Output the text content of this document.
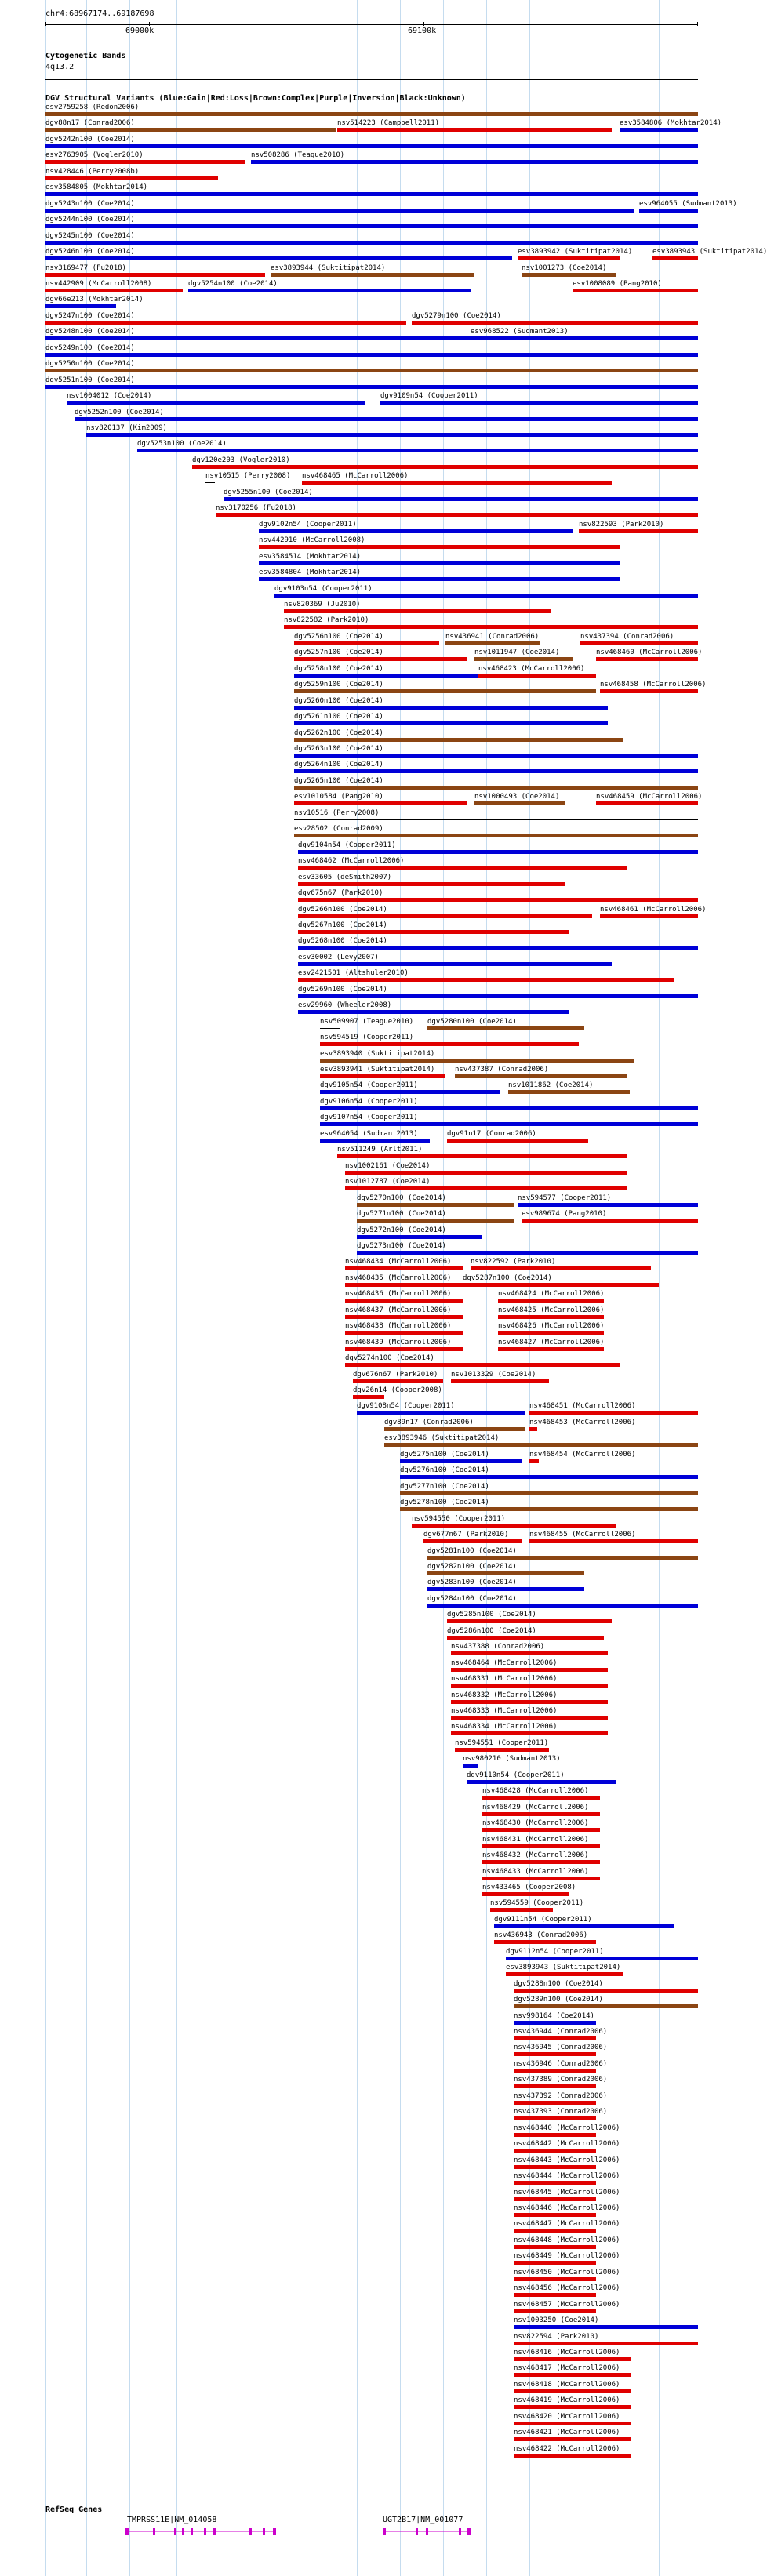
chr4:68967174..69187698
69000k	69100k
Cytogenetic Bands
4q13.2
DGV Structural Variants (Blue:Gain|Red:Loss|Brown:Complex|Purple|Inversion|Black:Unknown)
esv2759258 (Redon2006)
dgv88n17 (Conrad2006)	nsv514223 (Campbell2011)	esv3584806 (Mokhtar2014)
dgv5242n100 (Coe2014)
esv2763905 (Vogler2010)	nsv508286 (Teague2010)
nsv428446 (Perry2008b)
esv3584805 (Mokhtar2014)
dgv5243n100 (Coe2014)	esv964055 (Sudmant2013)
dgv5244n100 (Coe2014)
dgv5245n100 (Coe2014)
dgv5246n100 (Coe2014)	esv3893942 (Suktitipat2014)	esv3893943 (Suktitipat2014)
nsv3169477 (Fu2018)	esv3893944 (Suktitipat2014)	nsv1001273 (Coe2014)
nsv442909 (McCarroll2008)	dgv5254n100 (Coe2014)	esv1008089 (Pang2010)
dgv66e213 (Mokhtar2014)
dgv5247n100 (Coe2014)	dgv5279n100 (Coe2014)
dgv5248n100 (Coe2014)	esv968522 (Sudmant2013)
dgv5249n100 (Coe2014)
dgv5250n100 (Coe2014)
dgv5251n100 (Coe2014)
nsv1004012 (Coe2014)	dgv9109n54 (Cooper2011)
dgv5252n100 (Coe2014)
nsv820137 (Kim2009)
dgv5253n100 (Coe2014)
dgv120e203 (Vogler2010)
nsv10515 (Perry2008) nsv468465 (McCarroll2006)
dgv5255n100 (Coe2014)
nsv3170256 (Fu2018)
dgv9102n54 (Cooper2011)	nsv822593 (Park2010)
nsv442910 (McCarroll2008)
esv3584514 (Mokhtar2014)
esv3584804 (Mokhtar2014)
dgv9103n54 (Cooper2011)
nsv820369 (Ju2010)
nsv822582 (Park2010)
dgv5256n100 (Coe2014)	nsv436941 (Conrad2006)	nsv437394 (Conrad2006)
dgv5257n100 (Coe2014)	nsv1011947 (Coe2014)	nsv468460 (McCarroll2006)
dgv5258n100 (Coe2014)	nsv468423 (McCarroll2006)
dgv5259n100 (Coe2014)	nsv468458 (McCarroll2006)
dgv5260n100 (Coe2014)
dgv5261n100 (Coe2014)
dgv5262n100 (Coe2014)
dgv5263n100 (Coe2014)
dgv5264n100 (Coe2014)
dgv5265n100 (Coe2014)
esv1010584 (Pang2010)	nsv1000493 (Coe2014)	nsv468459 (McCarroll2006)
nsv10516 (Perry2008)
esv28502 (Conrad2009)
dgv9104n54 (Cooper2011)
nsv468462 (McCarroll2006)
esv33605 (deSmith2007)
dgv675n67 (Park2010)
dgv5266n100 (Coe2014)	nsv468461 (McCarroll2006)
dgv5267n100 (Coe2014)
dgv5268n100 (Coe2014)
esv30002 (Levy2007)
esv2421501 (Altshuler2010)
dgv5269n100 (Coe2014)
esv29960 (Wheeler2008)
nsv509907 (Teague2010) dgv5280n100 (Coe2014)
nsv594519 (Cooper2011)
esv3893940 (Suktitipat2014)
esv3893941 (Suktitipat2014)	nsv437387 (Conrad2006)
dgv9105n54 (Cooper2011)	nsv1011862 (Coe2014)
dgv9106n54 (Cooper2011)
dgv9107n54 (Cooper2011)
esv964054 (Sudmant2013)	dgv91n17 (Conrad2006)
nsv511249 (Arlt2011)
nsv1002161 (Coe2014)
nsv1012787 (Coe2014)
dgv5270n100 (Coe2014)	nsv594577 (Cooper2011)
dgv5271n100 (Coe2014)	esv989674 (Pang2010)
dgv5272n100 (Coe2014)
dgv5273n100 (Coe2014)
nsv468434 (McCarroll2006)	nsv822592 (Park2010)
nsv468435 (McCarroll2006) dgv5287n100 (Coe2014)
nsv468436 (McCarroll2006)	nsv468424 (McCarroll2006)
nsv468437 (McCarroll2006)	nsv468425 (McCarroll2006)
nsv468438 (McCarroll2006)	nsv468426 (McCarroll2006)
nsv468439 (McCarroll2006)	nsv468427 (McCarroll2006)
dgv5274n100 (Coe2014)
dgv676n67 (Park2010) nsv1013329 (Coe2014)
dgv26n14 (Cooper2008)
dgv9108n54 (Cooper2011)	nsv468451 (McCarroll2006)
dgv89n17 (Conrad2006)	nsv468453 (McCarroll2006)
esv3893946 (Suktitipat2014)
dgv5275n100 (Coe2014)	nsv468454 (McCarroll2006)
dgv5276n100 (Coe2014)
dgv5277n100 (Coe2014)
dgv5278n100 (Coe2014)
nsv594550 (Cooper2011)
dgv677n67 (Park2010)	nsv468455 (McCarroll2006)
dgv5281n100 (Coe2014)
dgv5282n100 (Coe2014)
dgv5283n100 (Coe2014)
dgv5284n100 (Coe2014)
dgv5285n100 (Coe2014)
dgv5286n100 (Coe2014)
nsv437388 (Conrad2006)
nsv468464 (McCarroll2006)
nsv468331 (McCarroll2006)
nsv468332 (McCarroll2006)
nsv468333 (McCarroll2006)
nsv468334 (McCarroll2006)
nsv594551 (Cooper2011)
nsv980210 (Sudmant2013)
dgv9110n54 (Cooper2011)
nsv468428 (McCarroll2006)
nsv468429 (McCarroll2006)
nsv468430 (McCarroll2006)
nsv468431 (McCarroll2006)
nsv468432 (McCarroll2006)
nsv468433 (McCarroll2006)
nsv433465 (Cooper2008)
nsv594559 (Cooper2011)
dgv9111n54 (Cooper2011)
nsv436943 (Conrad2006)
dgv9112n54 (Cooper2011)
esv3893943 (Suktitipat2014)
dgv5288n100 (Coe2014)
dgv5289n100 (Coe2014)
nsv998164 (Coe2014)
nsv436944 (Conrad2006)
nsv436945 (Conrad2006)
nsv436946 (Conrad2006)
nsv437389 (Conrad2006)
nsv437392 (Conrad2006)
nsv437393 (Conrad2006)
nsv468440 (McCarroll2006)
nsv468442 (McCarroll2006)
nsv468443 (McCarroll2006)
nsv468444 (McCarroll2006)
nsv468445 (McCarroll2006)
nsv468446 (McCarroll2006)
nsv468447 (McCarroll2006)
nsv468448 (McCarroll2006)
nsv468449 (McCarroll2006)
nsv468450 (McCarroll2006)
nsv468456 (McCarroll2006)
nsv468457 (McCarroll2006)
nsv1003250 (Coe2014)
nsv822594 (Park2010)
nsv468416 (McCarroll2006)
nsv468417 (McCarroll2006)
nsv468418 (McCarroll2006)
nsv468419 (McCarroll2006)
nsv468420 (McCarroll2006)
nsv468421 (McCarroll2006)
nsv468422 (McCarroll2006)
RefSeq Genes
TMPRSS11E|NM_014058	UGT2B17|NM_001077
